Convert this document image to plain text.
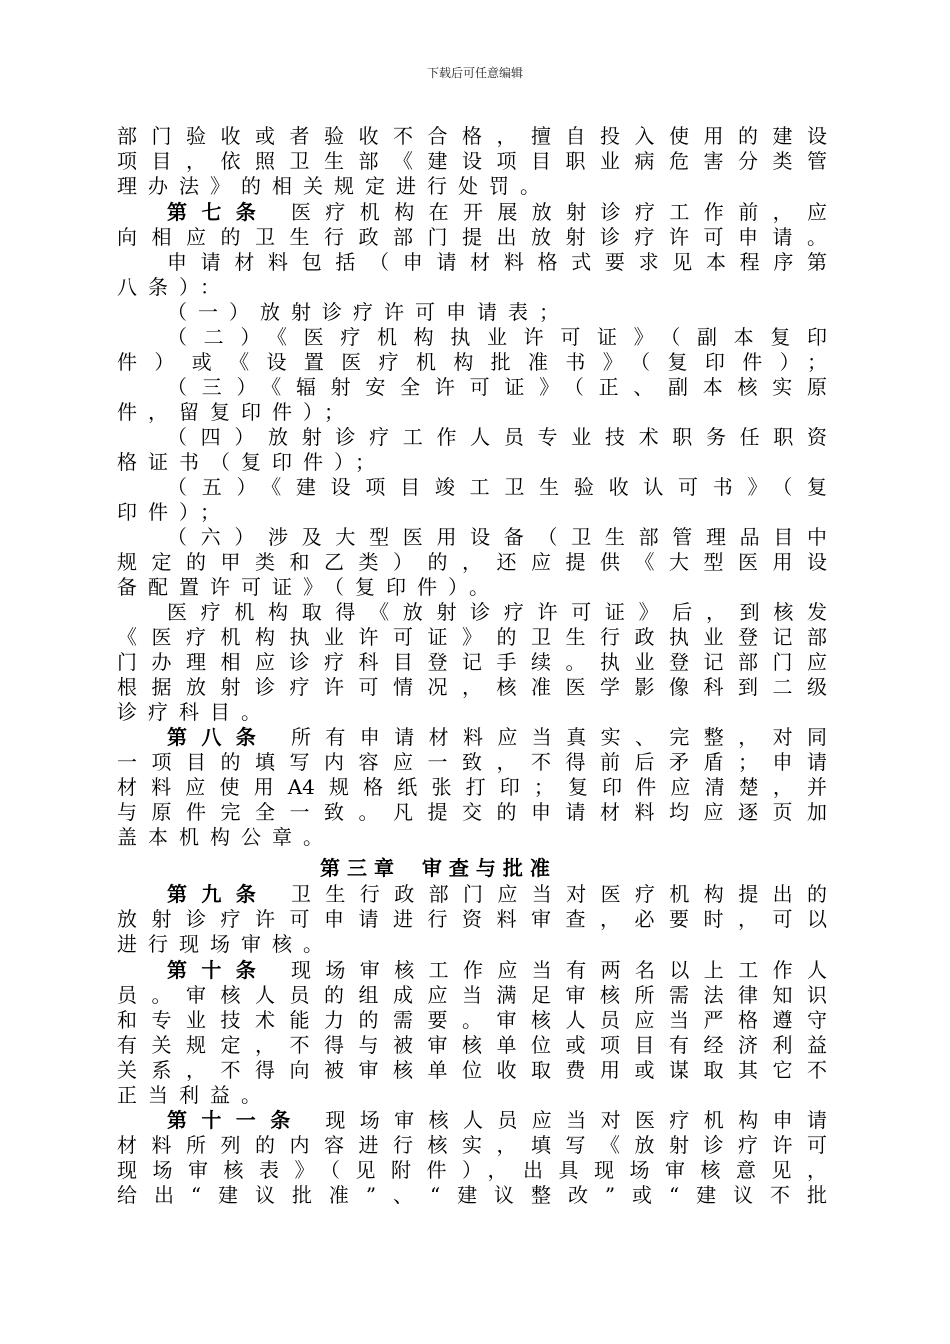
下载后可任意编辑
部门验收或者验收不合格，擅自投入使用的建设
项目，依照卫生部《建设项目职业病危害分类管
理办法》的相关规定进行处罚。
第七条 医疗机构在开展放射诊疗工作前，应
向相应的卫生行政部门提出放射诊疗许可申请。
申请材料包括（申请材料格式要求见本程序第
八条）：
（一）放射诊疗许可申请表；
（二）《医疗机构执业许可证》（副本复印
件）或《设置医疗机构批准书》（复印件）；
（三）《辐射安全许可证》（正、副本核实原
件，留复印件）；
（四）放射诊疗工作人员专业技术职务任职资
格证书（复印件）；
（五）《建设项目竣工卫生验收认可书》（复
印件）；
（六）涉及大型医用设备（卫生部管理品目中
规定的甲类和乙类）的，还应提供《大型医用设
备配置许可证》（复印件）。
医疗机构取得《放射诊疗许可证》后，到核发
《医疗机构执业许可证》的卫生行政执业登记部
门办理相应诊疗科目登记手续。执业登记部门应
根据放射诊疗许可情况，核准医学影像科到二级
诊疗科目。
第八条 所有申请材料应当真实、完整，对同
一项目的填写内容应一致，不得前后矛盾；申请
材料应使用A4规格纸张打印；复印件应清楚，并
与原件完全一致。凡提交的申请材料均应逐页加
盖本机构公章。
第三章 审查与批准
第九条 卫生行政部门应当对医疗机构提出的
放射诊疗许可申请进行资料审查，必要时，可以
进行现场审核。
第十条 现场审核工作应当有两名以上工作人
员。审核人员的组成应当满足审核所需法律知识
和专业技术能力的需要。审核人员应当严格遵守
有关规定，不得与被审核单位或项目有经济利益
关系，不得向被审核单位收取费用或谋取其它不
正当利益。
第十一条 现场审核人员应当对医疗机构申请
材料所列的内容进行核实，填写《放射诊疗许可
现场审核表》（见附件），出具现场审核意见，
给出“建议批准”、“建议整改”或“建议不批
